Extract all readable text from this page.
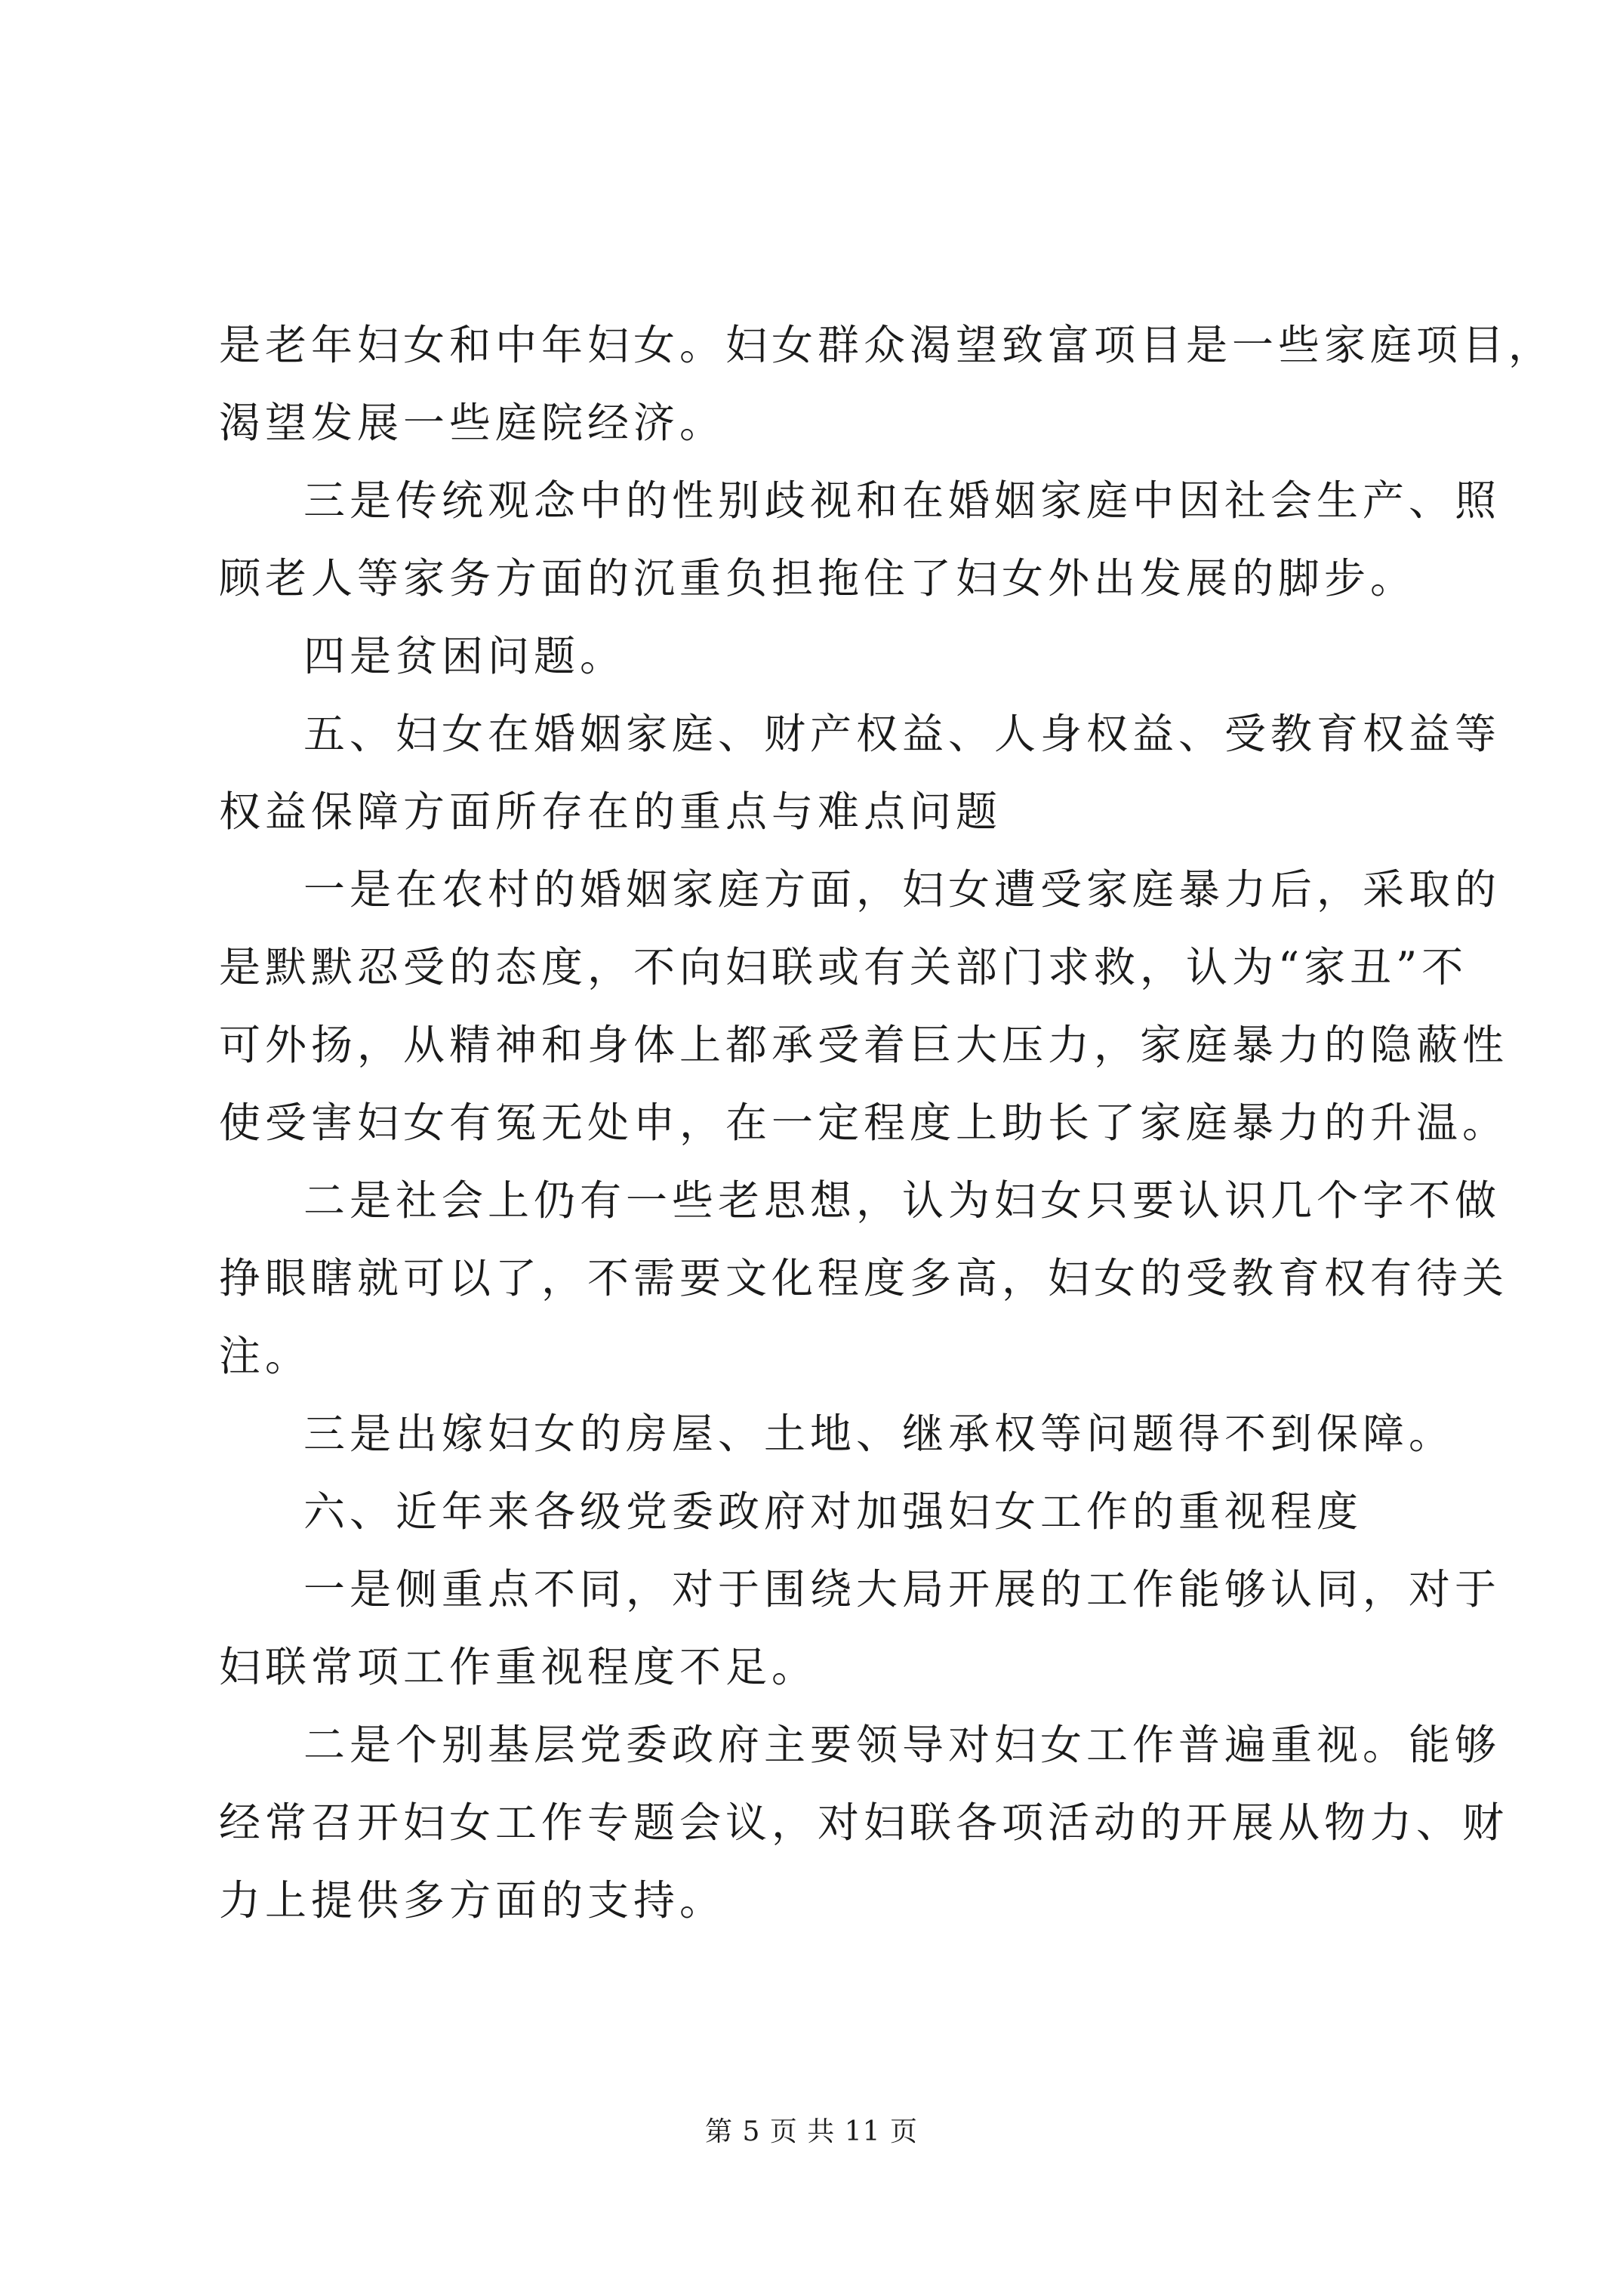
是老年妇女和中年妇女。妇女群众渴望致富项目是一些家庭项目，
渴望发展一些庭院经济。
三是传统观念中的性别歧视和在婚姻家庭中因社会生产、照
顾老人等家务方面的沉重负担拖住了妇女外出发展的脚步。
四是贫困问题。
五、妇女在婚姻家庭、财产权益、人身权益、受教育权益等
权益保障方面所存在的重点与难点问题
一是在农村的婚姻家庭方面，妇女遭受家庭暴力后，采取的
是默默忍受的态度，不向妇联或有关部门求救，认为“家丑”不
可外扬，从精神和身体上都承受着巨大压力，家庭暴力的隐蔽性
使受害妇女有冤无处申，在一定程度上助长了家庭暴力的升温。
二是社会上仍有一些老思想，认为妇女只要认识几个字不做
挣眼瞎就可以了，不需要文化程度多高，妇女的受教育权有待关
注。
三是出嫁妇女的房屋、土地、继承权等问题得不到保障。
六、近年来各级党委政府对加强妇女工作的重视程度
一是侧重点不同，对于围绕大局开展的工作能够认同，对于
妇联常项工作重视程度不足。
二是个别基层党委政府主要领导对妇女工作普遍重视。能够
经常召开妇女工作专题会议，对妇联各项活动的开展从物力、财
力上提供多方面的支持。
第 5 页 共 11 页
